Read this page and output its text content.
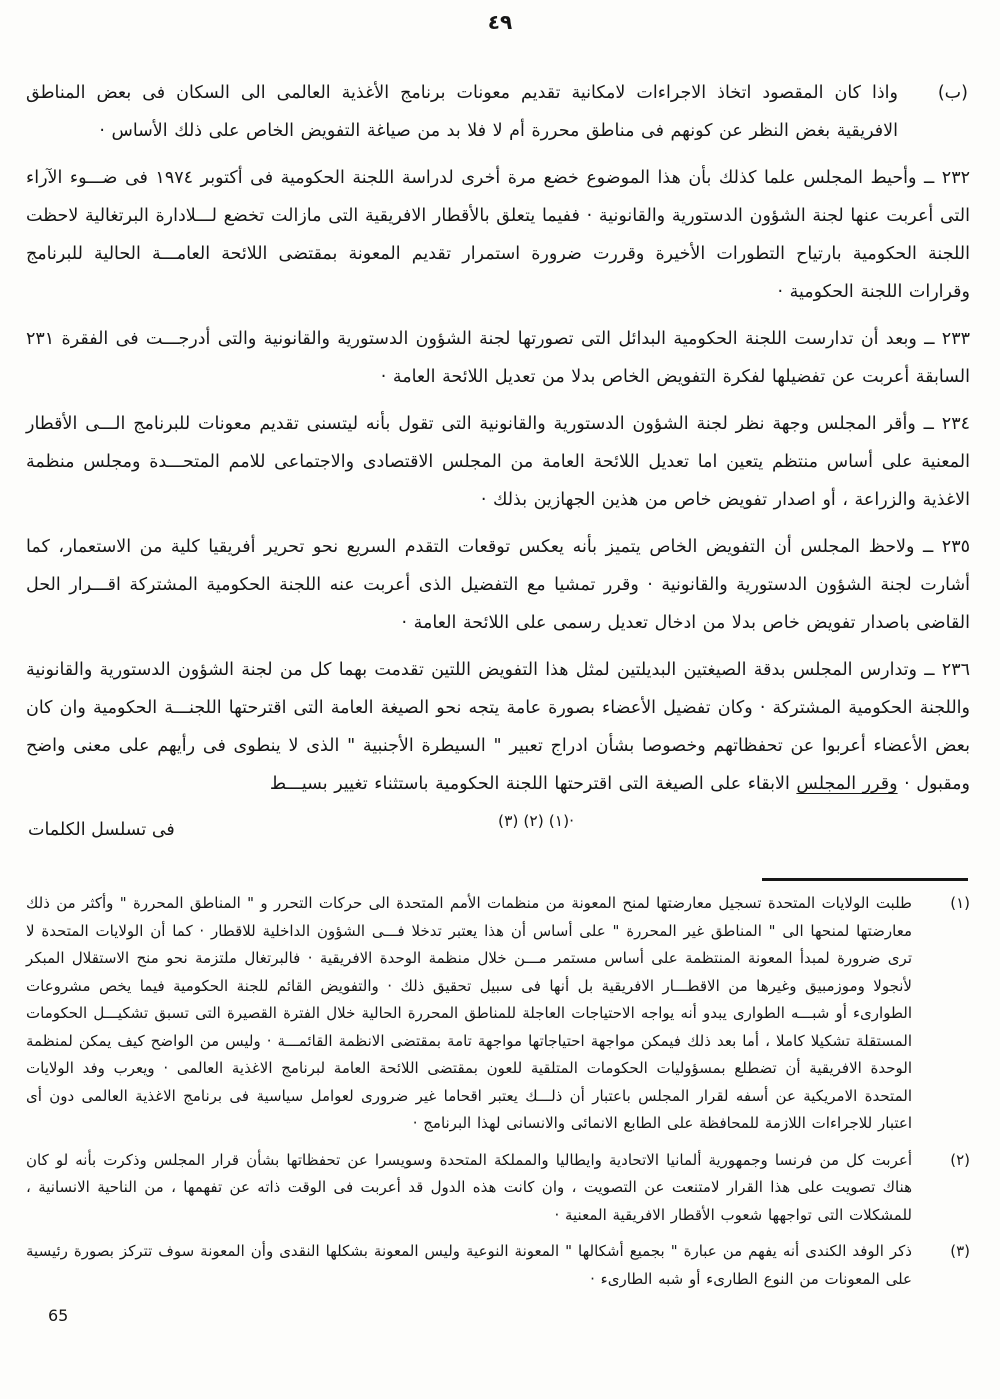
٤٩
(ب)
واذا كان المقصود اتخاذ الاجراءات لامكانية تقديم معونات برنامج الأغذية العالمى الى السكان فى بعض المناطق الافريقية بغض النظر عن كونهم فى مناطق محررة أم لا فلا بد من صياغة التفويض الخاص على ذلك الأساس ·
٢٣٢ ــ وأحيط المجلس علما كذلك بأن هذا الموضوع خضع مرة أخرى لدراسة اللجنة الحكومية فى أكتوبر ١٩٧٤ فى ضـــوء الآراء التى أعربت عنها لجنة الشؤون الدستورية والقانونية · ففيما يتعلق بالأقطار الافريقية التى مازالت تخضع لـــلادارة البرتغالية لاحظت اللجنة الحكومية بارتياح التطورات الأخيرة وقررت ضرورة استمرار تقديم المعونة بمقتضى اللائحة العامـــة الحالية للبرنامج وقرارات اللجنة الحكومية ·
٢٣٣ ــ وبعد أن تدارست اللجنة الحكومية البدائل التى تصورتها لجنة الشؤون الدستورية والقانونية والتى أدرجـــت فى الفقرة ٢٣١ السابقة أعربت عن تفضيلها لفكرة التفويض الخاص بدلا من تعديل اللائحة العامة ·
٢٣٤ ــ وأقر المجلس وجهة نظر لجنة الشؤون الدستورية والقانونية التى تقول بأنه ليتسنى تقديم معونات للبرنامج الـــى الأقطار المعنية على أساس منتظم يتعين اما تعديل اللائحة العامة من المجلس الاقتصادى والاجتماعى للامم المتحـــدة ومجلس منظمة الاغذية والزراعة ، أو اصدار تفويض خاص من هذين الجهازين بذلك ·
٢٣٥ ــ ولاحظ المجلس أن التفويض الخاص يتميز بأنه يعكس توقعات التقدم السريع نحو تحرير أفريقيا كلية من الاستعمار، كما أشارت لجنة الشؤون الدستورية والقانونية · وقرر تمشيا مع التفضيل الذى أعربت عنه اللجنة الحكومية المشتركة اقـــرار الحل القاضى باصدار تفويض خاص بدلا من ادخال تعديل رسمى على اللائحة العامة ·
٢٣٦ ــ وتدارس المجلس بدقة الصيغتين البديلتين لمثل هذا التفويض اللتين تقدمت بهما كل من لجنة الشؤون الدستورية والقانونية واللجنة الحكومية المشتركة · وكان تفضيل الأعضاء بصورة عامة يتجه نحو الصيغة العامة التى اقترحتها اللجنـــة الحكومية وان كان بعض الأعضاء أعربوا عن تحفظاتهم وخصوصا بشأن ادراج تعبير " السيطرة الأجنبية " الذى لا ينطوى فى رأيهم على معنى واضح ومقبول · وقرر المجلس الابقاء على الصيغة التى اقترحتها اللجنة الحكومية باستثناء تغيير بسيـــط
فى تسلسل الكلمات	·(١) (٢) (٣)
(١)
طلبت الولايات المتحدة تسجيل معارضتها لمنح المعونة من منظمات الأمم المتحدة الى حركات التحرر و " المناطق المحررة " وأكثر من ذلك معارضتها لمنحها الى " المناطق غير المحررة " على أساس أن هذا يعتبر تدخلا فـــى الشؤون الداخلية للاقطار · كما أن الولايات المتحدة لا ترى ضرورة لمبدأ المعونة المنتظمة على أساس مستمر مـــن خلال منظمة الوحدة الافريقية · فالبرتغال ملتزمة نحو منح الاستقلال المبكر لأنجولا وموزمبيق وغيرها من الاقطـــار الافريقية بل أنها فى سبيل تحقيق ذلك · والتفويض القائم للجنة الحكومية فيما يخص مشروعات الطوارىء أو شبـــه الطوارى يبدو أنه يواجه الاحتياجات العاجلة للمناطق المحررة الحالية خلال الفترة القصيرة التى تسبق تشكيـــل الحكومات المستقلة تشكيلا كاملا ، أما بعد ذلك فيمكن مواجهة احتياجاتها مواجهة تامة بمقتضى الانظمة القائمـــة · وليس من الواضح كيف يمكن لمنظمة الوحدة الافريقية أن تضطلع بمسؤوليات الحكومات المتلقية للعون بمقتضى اللائحة العامة لبرنامج الاغذية العالمى · ويعرب وفد الولايات المتحدة الامريكية عن أسفه لقرار المجلس باعتبار أن ذلـــك يعتبر اقحاما غير ضرورى لعوامل سياسية فى برنامج الاغذية العالمى دون أى اعتبار للاجراءات اللازمة للمحافظة على الطابع الانمائى والانسانى لهذا البرنامج ·
(٢)
أعربت كل من فرنسا وجمهورية ألمانيا الاتحادية وايطاليا والمملكة المتحدة وسويسرا عن تحفظاتها بشأن قرار المجلس وذكرت بأنه لو كان هناك تصويت على هذا القرار لامتنعت عن التصويت ، وان كانت هذه الدول قد أعربت فى الوقت ذاته عن تفهمها ، من الناحية الانسانية ، للمشكلات التى تواجهها شعوب الأقطار الافريقية المعنية ·
(٣)
ذكر الوفد الكندى أنه يفهم من عبارة " بجميع أشكالها " المعونة النوعية وليس المعونة بشكلها النقدى وأن المعونة سوف تتركز بصورة رئيسية على المعونات من النوع الطارىء أو شبه الطارىء ·
65
